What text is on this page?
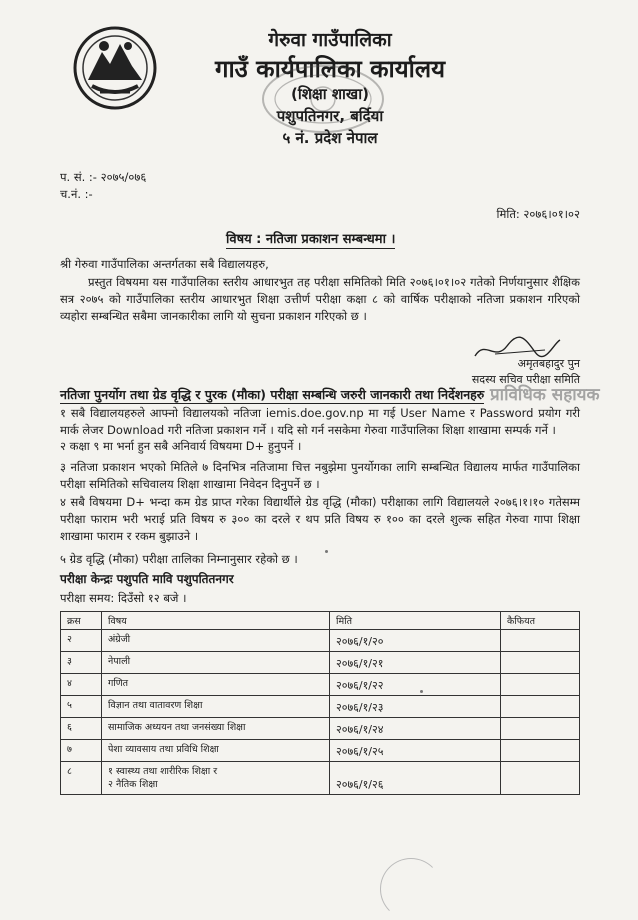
गेरुवा गाउँपालिका
गाउँ कार्यपालिका कार्यालय
(शिक्षा शाखा)
पशुपतिनगर, बर्दिया
५ नं. प्रदेश नेपाल
प. सं. :- २०७५/०७६
च.नं. :-
मिति: २०७६।०१।०२
विषय : नतिजा प्रकाशन सम्बन्धमा ।
श्री गेरुवा गाउँपालिका अन्तर्गतका सबै विद्यालयहरु,
प्रस्तुत विषयमा यस गाउँपालिका स्तरीय आधारभुत तह परीक्षा समितिको मिति २०७६।०१।०२ गतेको निर्णयानुसार शैक्षिक सत्र २०७५ को गाउँपालिका स्तरीय आधारभुत शिक्षा उत्तीर्ण परीक्षा कक्षा ८ को वार्षिक परीक्षाको नतिजा प्रकाशन गरिएको व्यहोरा सम्बन्धित सबैमा जानकारीका लागि यो सुचना प्रकाशन गरिएको छ ।
अमृतबहादुर पुन
सदस्य सचिव परीक्षा समिति
नतिजा पुनर्योग तथा ग्रेड वृद्धि र पुरक (मौका) परीक्षा सम्बन्धि जरुरी जानकारी तथा निर्देशनहरु प्राविधिक सहायक
१ सबै विद्यालयहरुले आफ्नो विद्यालयको नतिजा iemis.doe.gov.np मा गई User Name र Password प्रयोग गरी मार्क लेजर Download गरी नतिजा प्रकाशन गर्ने । यदि सो गर्न नसकेमा गेरुवा गाउँपालिका शिक्षा शाखामा सम्पर्क गर्ने ।
२ कक्षा ९ मा भर्ना हुन सबै अनिवार्य विषयमा D+ हुनुपर्ने ।
३ नतिजा प्रकाशन भएको मितिले ७ दिनभित्र नतिजामा चित्त नबुझेमा पुनर्योगका लागि सम्बन्धित विद्यालय मार्फत गाउँपालिका परीक्षा समितिको सचिवालय शिक्षा शाखामा निवेदन दिनुपर्ने छ ।
४ सबै विषयमा D+ भन्दा कम ग्रेड प्राप्त गरेका विद्यार्थीले ग्रेड वृद्धि (मौका) परीक्षाका लागि विद्यालयले २०७६।१।१० गतेसम्म परीक्षा फाराम भरी भराई प्रति विषय रु ३०० का दरले र थप प्रति विषय रु १०० का दरले शुल्क सहित गेरुवा गापा शिक्षा शाखामा फाराम र रकम बुझाउने ।
५ ग्रेड वृद्धि (मौका) परीक्षा तालिका निम्नानुसार रहेको छ ।
परीक्षा केन्द्रः पशुपति मावि पशुपतितनगर
परीक्षा समय: दिउँसो १२ बजे ।
क्रस	विषय	मिति	कैफियत
२	अंग्रेजी	२०७६/१/२०	
३	नेपाली	२०७६/१/२१	
४	गणित	२०७६/१/२२	
५	विज्ञान तथा वातावरण शिक्षा	२०७६/१/२३	
६	सामाजिक अध्ययन तथा जनसंख्या शिक्षा	२०७६/१/२४	
७	पेशा व्यावसाय तथा प्रविधि शिक्षा	२०७६/१/२५	
८	१ स्वास्थ्य तथा शारीरिक शिक्षा र
२ नैतिक शिक्षा	२०७६/१/२६	
